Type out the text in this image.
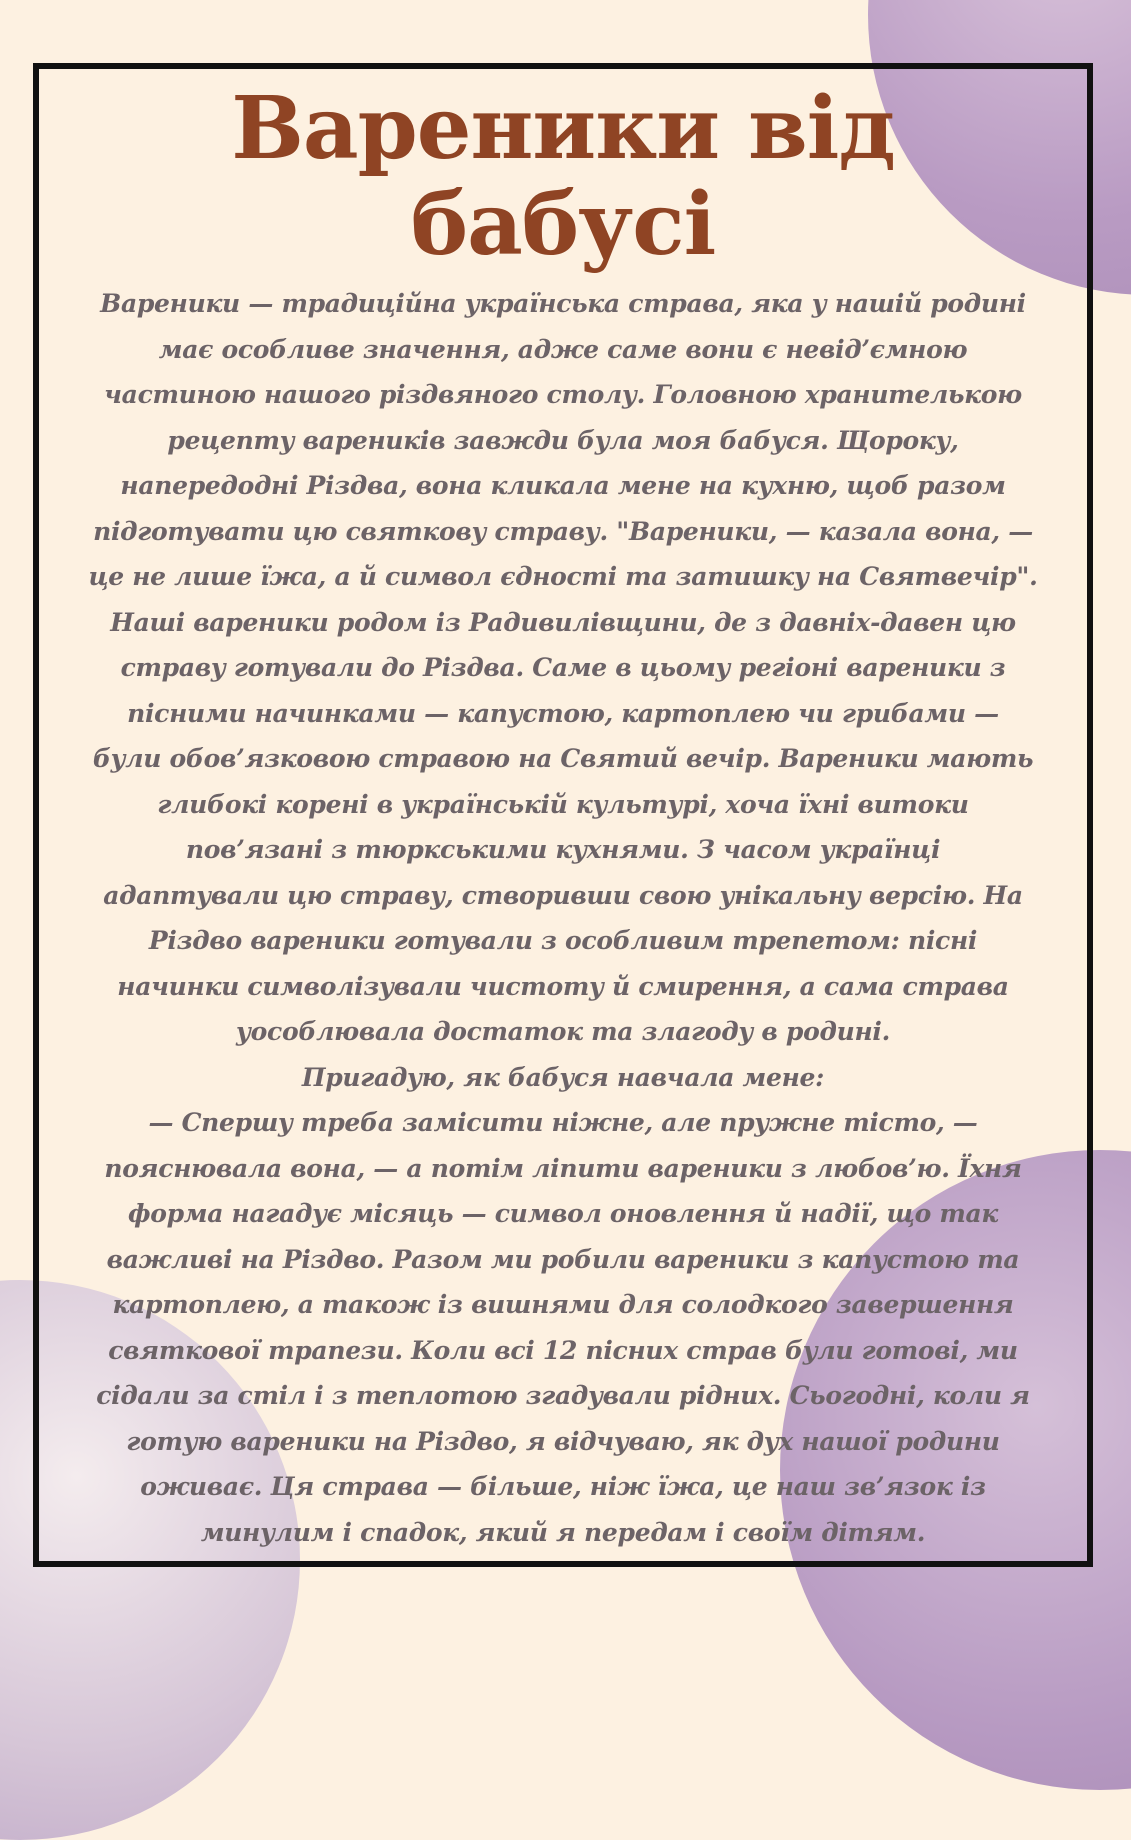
Вареники від
бабусі
Вареники — традиційна українська страва, яка у нашій родині
має особливе значення, адже саме вони є невід’ємною
частиною нашого різдвяного столу. Головною хранителькою
рецепту вареників завжди була моя бабуся. Щороку,
напередодні Різдва, вона кликала мене на кухню, щоб разом
підготувати цю святкову страву. "Вареники, — казала вона, —
це не лише їжа, а й символ єдності та затишку на Святвечір".
Наші вареники родом із Радивилівщини, де з давніх-давен цю
страву готували до Різдва. Саме в цьому регіоні вареники з
пісними начинками — капустою, картоплею чи грибами —
були обов’язковою стравою на Святий вечір. Вареники мають
глибокі корені в українській культурі, хоча їхні витоки
пов’язані з тюркськими кухнями. З часом українці
адаптували цю страву, створивши свою унікальну версію. На
Різдво вареники готували з особливим трепетом: пісні
начинки символізували чистоту й смирення, а сама страва
уособлювала достаток та злагоду в родині.
Пригадую, як бабуся навчала мене:
— Спершу треба замісити ніжне, але пружне тісто, —
пояснювала вона, — а потім ліпити вареники з любов’ю. Їхня
форма нагадує місяць — символ оновлення й надії, що так
важливі на Різдво. Разом ми робили вареники з капустою та
картоплею, а також із вишнями для солодкого завершення
святкової трапези. Коли всі 12 пісних страв були готові, ми
сідали за стіл і з теплотою згадували рідних. Сьогодні, коли я
готую вареники на Різдво, я відчуваю, як дух нашої родини
оживає. Ця страва — більше, ніж їжа, це наш зв’язок із
минулим і спадок, який я передам і своїм дітям.
